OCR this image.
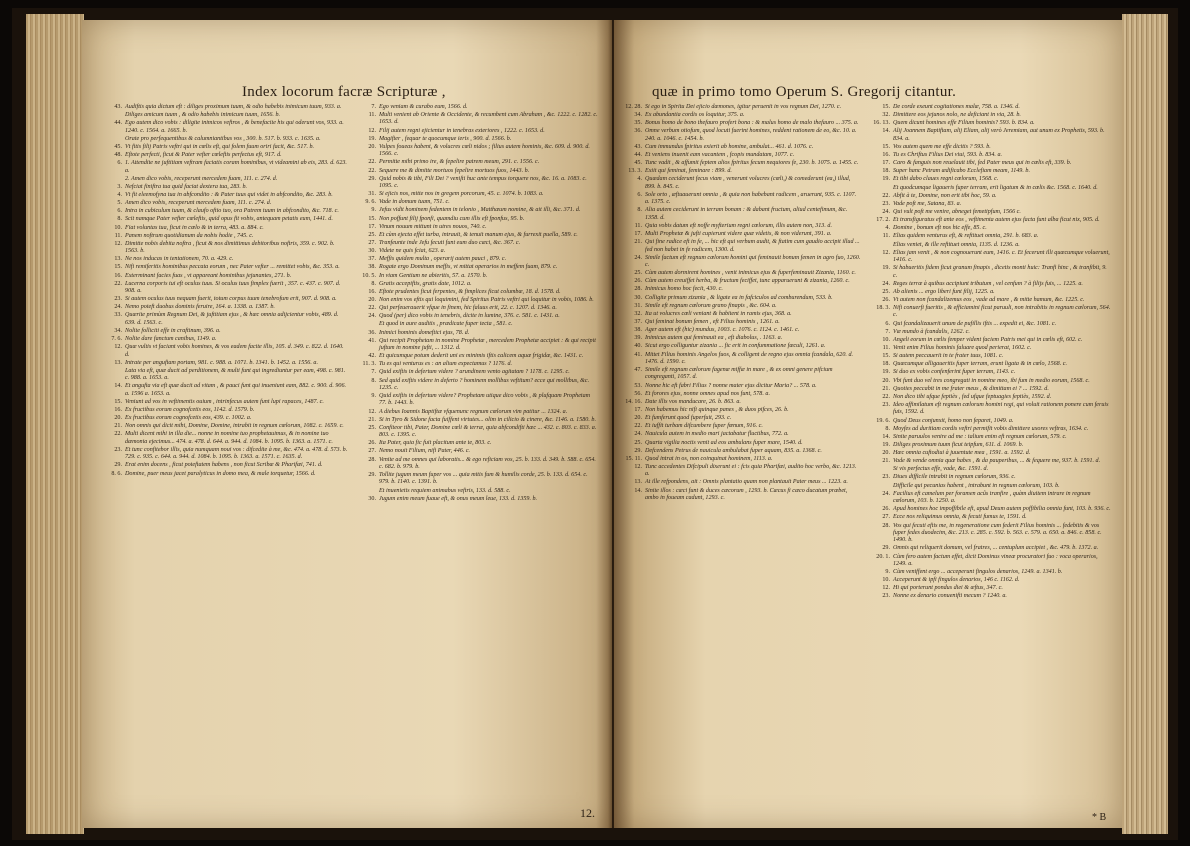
Index locorum facræ Scripturæ ,
43. Audiftis quia dictum eft : diliges proximum tuum, & odio habebis inimicum tuum, 933. a.
Diliges amicum tuum , & odio habebis inimicum tuum, 1656. b.
44. Ego autem dico vobis : diligite inimicos veftros , & benefacite his qui oderunt vos, 933. a. 1240. c. 1564. a. 1665. b.
Orate pro perfequentibus & calumniantibus vos , 300. b. 517. b. 933. c. 1635. a.
45. Vt fitis filij Patris veftri qui in cœlis eft, qui folem fuum oriri facit, &c. 517. b.
48. Eftote perfecti, ficut & Pater vefter cœleftis perfectus eft, 917. d.
6. 1. Attendite ne juftitiam veftram faciatis coram hominibus, vt videamini ab eis, 283. d. 623. a.
2. Amen dico vobis, receperunt mercedem fuam, 111. c. 274. d.
3. Nefciat finiftra tua quid faciat dextera tua, 283. b.
4. Vt fit eleemofyna tua in abfcondito : & Pater tuus qui videt in abfcondito, &c. 283. b.
5. Amen dico vobis, receperunt mercedem fuam, 111. c. 274. d.
6. Intra in cubiculum tuum, & claufo oftio tuo, ora Patrem tuum in abfcondito, &c. 718. c.
8. Scit namque Pater vefter cœleftis, quid opus fit vobis, antequam petatis eum, 1441. d.
10. Fiat voluntas tua, ficut in cœlo & in terra, 483. a. 884. c.
11. Panem noftrum quotidianum da nobis hodie , 745. c.
12. Dimitte nobis debita noftra , ficut & nos dimittimus debitoribus noftris, 359. c. 902. b. 1563. b.
13. Ne nos inducas in tentationem, 70. a. 429. c.
15. Nifi remiferitis hominibus peccata eorum , nec Pater vefter ... remittet vobis, &c. 353. a.
16. Exterminant facies fuas , vt appareant hominibus jejunantes, 271. b.
22. Lucerna corporis tui eft oculus tuus. Si oculus tuus fimplex fuerit , 357. c. 437. c. 907. d. 908. a.
23. Si autem oculus tuus nequam fuerit, totum corpus tuum tenebrofum erit, 907. d. 908. a.
24. Nemo poteft duobus dominis feruire, 164. a. 1338. a. 1387. b.
33. Quærite primùm Regnum Dei, & juftitiam ejus , & hæc omnia adijcientur vobis, 489. d. 639. d. 1563. c.
34. Nolite folliciti effe in craftinum, 396. a.
7. 6. Nolite dare fanctum canibus, 1149. a.
12. Quæ vultis vt faciant vobis homines, & vos eadem facite illis, 105. d. 349. c. 822. d. 1640. d.
13. Intrate per anguftam portam, 981. c. 988. a. 1071. b. 1341. b. 1452. a. 1556. a.
Lata via eft, quæ ducit ad perditionem, & multi funt qui ingrediuntur per eam, 498. c. 981. c. 988. a. 1653. a.
14. Et angufta via eft quæ ducit ad vitam , & pauci funt qui inueniunt eam, 882. c. 900. d. 906. a. 1596 a. 1653. a.
15. Veniunt ad vos in veftimentis ouium , intrinfecus autem funt lupi rapaces, 1487. c.
16. Ex fructibus eorum cognofcetis eos, 1142. d. 1579. b.
20. Ex fructibus eorum cognofcetis eos, 439. c. 1002. a.
21. Non omnis qui dicit mihi, Domine, Domine, intrabit in regnum cœlorum, 1082. c. 1659. c.
22. Multi dicent mihi in illa die... nonne in nomine tuo prophetauimus, & in nomine tuo dæmonia ejecimus... 474. a. 478. d. 644. a. 944. d. 1084. b. 1095. b. 1363. a. 1571. c.
23. Et tunc confitebor illis, quia numquam noui vos : difcedite à me, &c. 474. a. 478. d. 573. b. 729. c. 935. c. 644. a. 944. d. 1084. b. 1095. b. 1363. a. 1571. c. 1635. d.
29. Erat enim docens , ficut poteftatem habens , non ficut Scribæ & Pharifæi, 741. d.
8. 6. Domine, puer meus jacet paralyticus in domo mea, & male torquetur, 1566. d.
7. Ego veniam & curabo eum, 1566. d.
11. Multi venient ab Oriente & Occidente, & recumbent cum Abraham , &c. 1222. c. 1282. c. 1653. d.
12. Filij autem regni ejicientur in tenebras exteriores , 1222. c. 1653. d.
19. Magifter , fequar te quocumque ieris , 900. d. 1566. b.
20. Vulpes foueas habent, & volucres cœli nidos ; filius autem hominis, &c. 609. d. 900. d. 1566. c.
22. Permitte mihi primo ire, & fepelire patrem meum, 291. c. 1556. c.
22. Sequere me & dimitte mortuos fepelire mortuos fuos, 1443. b.
29. Quid nobis & tibi, Fili Dei ? veniſti huc ante tempus torquere nos, &c. 16. a. 1083. c. 1095. c.
31. Si ejicis nos, mitte nos in gregem porcorum, 45. c. 1074. b. 1083. a.
9. 6. Vade in domum tuam, 751. c.
9. Jefus vidit hominem fedentem in telonio , Matthæum nomine, & ait illi, &c. 371. d.
15. Non poffunt filij fponfi, quamdiu cum illis eft fponfus, 95. b.
17. Vinum nouum mittunt in utres nouos, 740. c.
25. Et cùm ejecta effet turba, intrauit, & tenuit manum ejus, & furrexit puella, 589. c.
27. Tranfeunte inde Jefu fecuti funt eum duo cæci, &c. 367. c.
30. Videte ne quis fciat, 623. a.
37. Meffis quidem multa , operarij autem pauci , 879. c.
38. Rogate ergo Dominum meffis, vt mittat operarios in meffem fuam, 879. c.
10. 5. In viam Gentium ne abieritis, 57. a. 1570. b.
8. Gratis accepiftis, gratis date, 1012. a.
16. Eftote prudentes ficut ferpentes, & fimplices ficut columbæ, 18. d. 1578. d.
20. Non enim vos eftis qui loquimini, fed Spiritus Patris veftri qui loquitur in vobis, 1086. b.
22. Qui perfeuerauerit vfque in finem, hic faluus erit, 22. c. 1207. d. 1346. a.
24. Quod (per) dico vobis in tenebris, dicite in lumine, 376. c. 581. c. 1431. a.
Et quod in aure auditis , prædicate fuper tecta , 581. c.
36. Inimici hominis domeftici ejus, 78. d.
41. Qui recipit Prophetam in nomine Prophetæ , mercedem Prophetæ accipiet : & qui recipit juftum in nomine jufti, ... 1312. d.
42. Et quicumque potum dederit uni ex minimis iftis calicem aquæ frigidæ, &c. 1431. c.
11. 3. Tu es qui venturus es : an alium expectamus ? 1176. d.
7. Quid exiftis in defertum videre ? arundinem vento agitatam ? 1178. c. 1295. c.
8. Sed quid exiftis videre in deferto ? hominem mollibus veftitum? ecce qui mollibus, &c. 1235. c.
9. Quid exiftis in defertum videre? Prophetam utique dico vobis , & plufquam Prophetam 77. b. 1443. b.
12. A diebus Ioannis Baptiftæ vfquenunc regnum cœlorum vim patitur ... 1324. a.
21. Si in Tyro & Sidone facta fuiffent virtutes... olim in cilicio & cinere, &c. 1146. a. 1580. b.
25. Confiteor tibi, Pater, Domine cœli & terræ, quia abfcondifti hæc ... 432. c. 803. c. 833. a. 803. c. 1395. c.
26. Ita Pater, quia fic fuit placitum ante te, 803. c.
27. Nemo nouit Filium, nifi Pater, 446. c.
28. Venite ad me omnes qui laboratis... & ego reficiam vos, 25. b. 133. d. 349. b. 588. c. 654. c. 682. b. 979. b.
29. Tollite jugum meum fuper vos ... quia mitis fum & humilis corde, 25. b. 133. d. 654. c. 979. b. 1140. c. 1391. b.
Et inuenietis requiem animabus veftris, 133. d. 588. c.
30. Jugum enim meum fuaue eft, & onus meum leue, 133. d. 1359. b.
12.
quæ in primo tomo Operum S. Gregorij citantur.
12. 28. Si ego in Spiritu Dei ejicio dæmones, igitur peruenit in vos regnum Dei, 1270. c.
34. Ex abundantia cordis os loquitur, 375. a.
35. Bonus homo de bono thefauro profert bona : & malus homo de malo thefauro ... 375. a.
36. Omne verbum otiofum, quod locuti fuerint homines, reddent rationem de eo, &c. 10. a. 240. a. 1046. c. 1454. b.
43. Cum immundus fpiritus exierit ab homine, ambulat... 461. d. 1076. c.
44. Et veniens inuenit eam vacantem , fcopis mundatam, 1077. c.
45. Tunc vadit , & affumit feptem alios fpiritus fecum nequiores fe, 230. b. 1075. a. 1455. c.
13. 3. Exiit qui feminat, feminare : 899. d.
4. Quædam ceciderunt fecus viam , venerunt volucres (cœli,) & comederunt (ea,) illud, 899. b. 845. c.
6. Sole orto , æftuauerunt omnia , & quia non habebant radicem , aruerunt, 935. c. 1107. a. 1375. c.
8. Alia autem ceciderunt in terram bonam : & dabant fructum, aliud centefimum, &c. 1358. d.
11. Quia vobis datum eft noffe myfterium regni cœlorum, illis autem non, 313. d.
17. Multi Prophetæ & jufti cupierunt videre quæ videtis, & non viderunt, 391. a.
21. Qui fine radice eft in fe, ... hic eft qui verbum audit, & ftatim cum gaudio accipit illud ... fed non habet in fe radicem, 1300. d.
24. Simile factum eft regnum cœlorum homini qui feminauit bonum femen in agro fuo, 1260. c.
25. Cùm autem dormirent homines , venit inimicus ejus & fuperfeminauit Zizania, 1160. c.
26. Cùm autem creuiffet herba, & fructum feciffet, tunc apparuerunt & zizania, 1260. c.
28. Inimicus homo hoc fecit, 430. c.
30. Colligite primum zizania , & ligate ea in fafciculos ad comburendum, 533. b.
31. Simile eft regnum cœlorum grano finapis , &c. 604. a.
32. Ita ut volucres cœli veniant & habitent in ramis ejus, 368. a.
37. Qui feminat bonum femen , eft Filius hominis , 1261. a.
38. Ager autem eft (hic) mundus, 1003. c. 1076. c. 1124. c. 1461. c.
39. Inimicus autem qui feminauit ea , eft diabolus, . 1163. a.
40. Sicut ergo colliguntur zizania ... fic erit in confummatione fæculi, 1261. a.
41. Mittet Filius hominis Angelos fuos, & colligent de regno ejus omnia fcandala, 620. d. 1476. d. 1590. c.
47. Simile eft regnum cœlorum fagenæ miffæ in mare , & ex omni genere pifcium congreganti, 1057. d.
53. Nonne hic eft fabri Filius ? nonne mater ejus dicitur Maria? ... 578. a.
56. Et forores ejus, nonne omnes apud nos funt, 578. a.
14. 16. Date illis vos manducare, 26. b. 863. a.
17. Non habemus hic nifi quinque panes , & duos pifces, 26. b.
20. Et fumferunt quod fuperfuit, 293. c.
22. Et iuffit turbam difcumbere fuper fœnum, 916. c.
24. Nauicula autem in medio mari jactabatur fluctibus, 772. a.
25. Quarta vigilia noctis venit ad eos ambulans fuper mare, 1540. d.
29. Defcendens Petrus de nauicula ambulabat fuper aquam, 835. a. 1368. c.
15. 11. Quod intrat in os, non coinquinat hominem, 1113. a.
12. Tunc accedentes Difcipuli dixerunt ei : fcis quia Pharifæi, audito hoc verbo, &c. 1213. a.
13. At ille refpondens, ait : Omnis plantatio quam non plantauit Pater meus ... 1223. a.
14. Sinite illos : cæci funt & duces cæcorum , 1293. b. Cæcus fi cæco ducatum præbet, ambo in foueam cadunt, 1293. c.
15. De corde exeunt cogitationes malæ, 758. a. 1346. d.
32. Dimittere eos jejunos nolo, ne deficiant in via, 28. b.
16. 13. Quem dicunt homines effe Filium hominis? 593. b. 834. a.
14. Alij Joannem Baptiftam, alij Eliam, alij verò Jeremiam, aut unum ex Prophetis, 593. b. 834. a.
15. Vos autem quem me effe dicitis ? 593. b.
16. Tu es Chriftus Filius Dei viui, 593. b. 834. a.
17. Caro & fanguis non reuelauit tibi, fed Pater meus qui in cœlis eft, 339. b.
18. Super hanc Petram ædificabo Ecclefiam meam, 1149. b.
19. Et tibi dabo claues regni cœlorum, 1568. c.
Et quodcumque ligaueris fuper terram, erit ligatum & in cœlis &c. 1568. c. 1640. d.
22. Abfit à te, Domine, non erit tibi hoc, 59. a.
23. Vade poft me, Satana, 83. a.
24. Qui vult poft me venire, abneget femetipfum, 1566 c.
17. 2. Et transfiguratus eft ante eos , veftimenta autem ejus facta funt alba ficut nix, 905. d.
4. Domine , bonum eft nos hic effe, 85. c.
11. Elias quidem venturus eft, & reftituet omnia, 291. b. 683. a.
Elias veniet, & ille reftituet omnia, 1135. d. 1236. a.
12. Elias jam venit , & non cognouerunt eum, 1416. c. Et fecerunt illi quæcumque voluerunt, 1416. c.
19. Si habueritis fidem ficut granum finapis , dicetis monti huic: Tranfi hinc , & tranfibit, 9. c.
24. Reges terræ à quibus accipiunt tributum , vel cenfum ? à filijs fuis, ... 1225. a.
25. Ab alienis ... ergo liberi funt filij, 1225. a.
26. Vt autem non fcandalizemus eos , vade ad mare , & mitte hamum, &c. 1225. c.
18. 3. Nifi conuerfi fueritis , & efficiamini ficut paruuli, non intrabitis in regnum cœlorum, 564. c.
6. Qui fcandalizauerit unum de pufillis iftis ... expedit ei, &c. 1081. c.
7. Væ mundo à fcandalis, 1262. c.
10. Angeli eorum in cœlis femper vident faciem Patris mei qui in cœlis eft, 602. c.
11. Venit enim Filius hominis faluare quod perierat, 1602. c.
15. Si autem peccauerit in te frater tuus, 1081. c.
18. Quæcumque alligaueritis fuper terram, erunt ligata & in cœlo, 1568. c.
19. Si duo ex vobis confenferint fuper terram, 1143. c.
20. Vbi funt duo vel tres congregati in nomine meo, ibi fum in medio eorum, 1568. c.
21. Quoties peccabit in me frater meus , & dimittam ei ? ... 1592. d.
22. Non dico tibi ufque feptiès , fed ufque feptuagies feptiès, 1592. d.
23. Ideo affimilatum eft regnum cœlorum homini regi, qui voluit rationem ponere cum feruis fuis, 1592. d.
19. 6. Quod Deus conjunxit, homo non feparet, 1049. a.
8. Moyfes ad duritiam cordis veftri permifit vobis dimittere uxores veftras, 1634. c.
14. Sinite paruulos venire ad me : talium enim eft regnum cœlorum, 579. c.
19. Diliges proximum tuum ficut teipfum, 611. d. 1069. b.
20. Hæc omnia cuftodiui à juuentute mea , 1591. a. 1592. d.
21. Vade & vende omnia quæ habes , & da pauperibus, ... & fequere me, 937. b. 1591. d.
Si vis perfectus effe, vade, &c. 1591. d.
23. Diues difficile intrabit in regnum cœlorum, 936. c.
Difficile qui pecunias habent , intrabunt in regnum cœlorum, 103. b.
24. Facilius eft camelum per foramen acûs tranfire , quàm diuitem intrare in regnum cœlorum, 103. b. 1250. a.
26. Apud homines hoc impoffibile eft, apud Deum autem poffibilia omnia funt, 103. b. 936. c.
27. Ecce nos reliquimus omnia, & fecuti fumus te, 1591. d.
28. Vos qui fecuti eftis me, in regeneratione cum federit Filius hominis ... fedebitis & vos fuper fedes duodecim, &c. 213. c. 285. c. 592. b. 563. c. 579. a. 650. a. 846. c. 858. c. 1490. b.
29. Omnis qui reliquerit domum, vel fratres, ... centuplum accipiet , &c. 479. b. 1372. a.
20. 1. Cùm fero autem factum effet, dicit Dominus vineæ procuratori fuo : voca operarios, 1249. a.
9. Cùm veniffent ergo ... acceperunt fingulos denarios, 1249. a. 1341. b.
10. Acceperunt & ipfi fingulos denarios, 146 c. 1162. d.
12. Hi qui porterunt pondus diei & æftus, 347. c.
23. Nonne ex denario conuenifti mecum ? 1240. a.
* B
